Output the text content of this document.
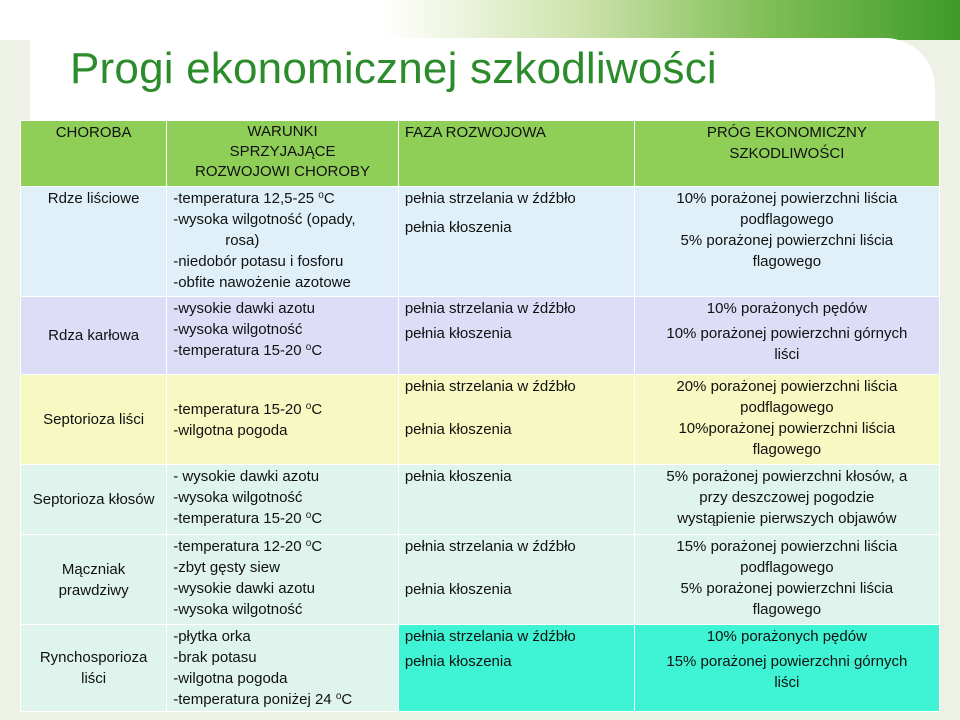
Progi ekonomicznej szkodliwości
CHOROBA	WARUNKI
SPRZYJAJĄCE
ROZWOJOWI CHOROBY	FAZA ROZWOJOWA	PRÓG EKONOMICZNY
SZKODLIWOŚCI

Rdze liściowe	-temperatura 12,5-25 $^o$C
-wysoka wilgotność (opady,
rosa)
-niedobór potasu i fosforu
-obfite nawożenie azotowe	pełnia strzelania w źdźbło
pełnia kłoszenia	10% porażonej powierzchni liścia
podflagowego
5% porażonej powierzchni liścia
flagowego

Rdza karłowa	-wysokie dawki azotu
-wysoka wilgotność
-temperatura 15-20 $^o$C	pełnia strzelania w źdźbło
pełnia kłoszenia	10% porażonych pędów
10% porażonej powierzchni górnych
liści

Septorioza liści	-temperatura 15-20 $^o$C
-wilgotna pogoda	pełnia strzelania w źdźbło
pełnia kłoszenia	20% porażonej powierzchni liścia
podflagowego
10%porażonej powierzchni liścia
flagowego

Septorioza kłosów	- wysokie dawki azotu
-wysoka wilgotność
-temperatura 15-20 $^o$C	pełnia kłoszenia	5% porażonej powierzchni kłosów, a
przy deszczowej pogodzie
wystąpienie pierwszych objawów

Mączniak
prawdziwy	-temperatura 12-20 $^o$C
-zbyt gęsty siew
-wysokie dawki azotu
-wysoka wilgotność	pełnia strzelania w źdźbło
pełnia kłoszenia	15% porażonej powierzchni liścia
podflagowego
5% porażonej powierzchni liścia
flagowego

Rynchosporioza
liści	-płytka orka
-brak potasu
-wilgotna pogoda
-temperatura poniżej 24 $^o$C	pełnia strzelania w źdźbło
pełnia kłoszenia	10% porażonych pędów
15% porażonej powierzchni górnych
liści
